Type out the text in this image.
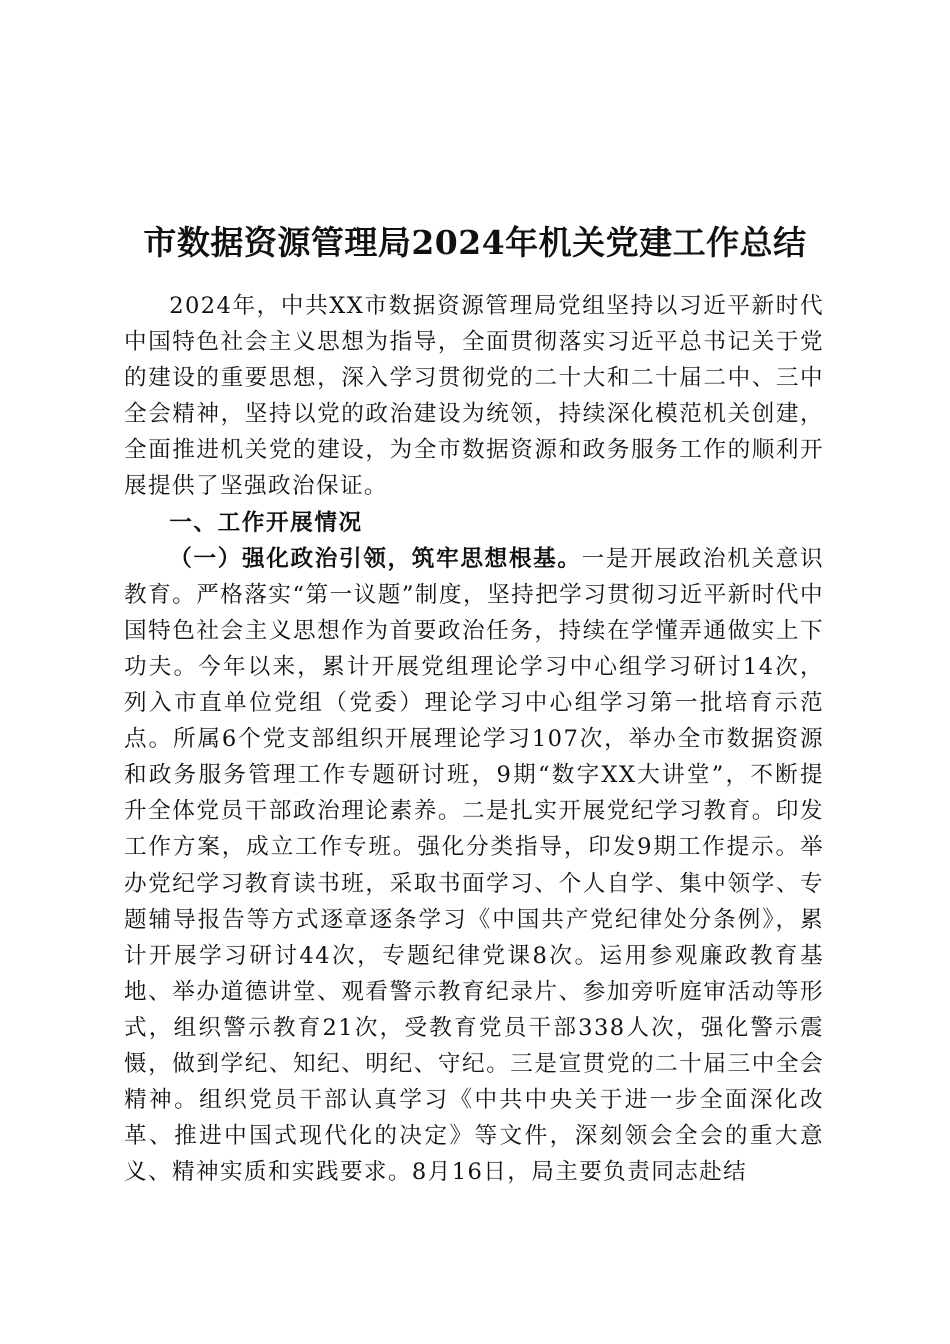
市数据资源管理局2024年机关党建工作总结

2024年，中共XX市数据资源管理局党组坚持以习近平新时代中国特色社会主义思想为指导，全面贯彻落实习近平总书记关于党的建设的重要思想，深入学习贯彻党的二十大和二十届二中、三中全会精神，坚持以党的政治建设为统领，持续深化模范机关创建，全面推进机关党的建设，为全市数据资源和政务服务工作的顺利开展提供了坚强政治保证。

一、工作开展情况

（一）强化政治引领，筑牢思想根基。一是开展政治机关意识教育。严格落实“第一议题”制度，坚持把学习贯彻习近平新时代中国特色社会主义思想作为首要政治任务，持续在学懂弄通做实上下功夫。今年以来，累计开展党组理论学习中心组学习研讨14次，列入市直单位党组（党委）理论学习中心组学习第一批培育示范点。所属6个党支部组织开展理论学习107次，举办全市数据资源和政务服务管理工作专题研讨班，9期“数字XX大讲堂”，不断提升全体党员干部政治理论素养。二是扎实开展党纪学习教育。印发工作方案，成立工作专班。强化分类指导，印发9期工作提示。举办党纪学习教育读书班，采取书面学习、个人自学、集中领学、专题辅导报告等方式逐章逐条学习《中国共产党纪律处分条例》，累计开展学习研讨44次，专题纪律党课8次。运用参观廉政教育基地、举办道德讲堂、观看警示教育纪录片、参加旁听庭审活动等形式，组织警示教育21次，受教育党员干部338人次，强化警示震慑，做到学纪、知纪、明纪、守纪。三是宣贯党的二十届三中全会精神。组织党员干部认真学习《中共中央关于进一步全面深化改革、推进中国式现代化的决定》等文件，深刻领会全会的重大意义、精神实质和实践要求。8月16日，局主要负责同志赴结
